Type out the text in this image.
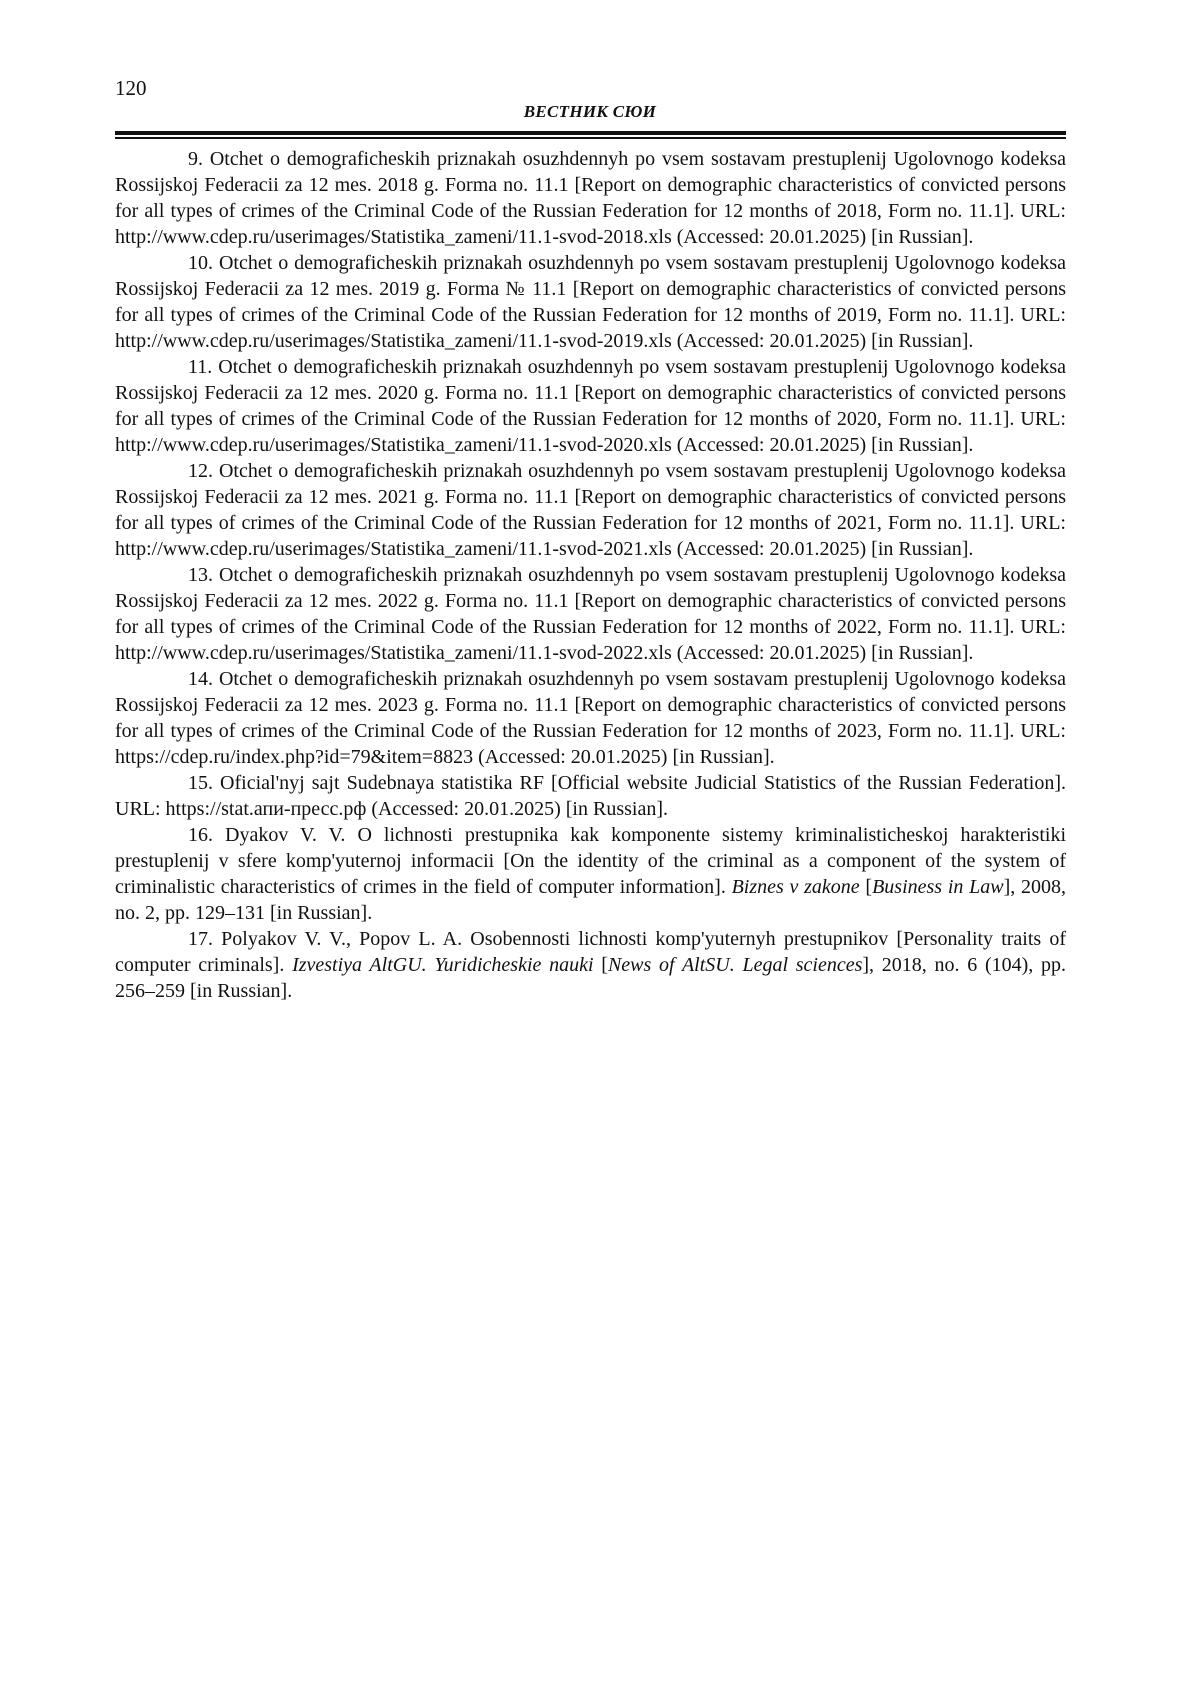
120
ВЕСТНИК СЮИ

9. Otchet o demograficheskih priznakah osuzhdennyh po vsem sostavam prestuplenij Ugolovnogo kodeksa Rossijskoj Federacii za 12 mes. 2018 g. Forma no. 11.1 [Report on demographic characteristics of convicted persons for all types of crimes of the Criminal Code of the Russian Federation for 12 months of 2018, Form no. 11.1]. URL: http://www.cdep.ru/userimages/Statistika_zameni/11.1-svod-2018.xls (Accessed: 20.01.2025) [in Russian].

10. Otchet o demograficheskih priznakah osuzhdennyh po vsem sostavam prestuplenij Ugolovnogo kodeksa Rossijskoj Federacii za 12 mes. 2019 g. Forma № 11.1 [Report on demographic characteristics of convicted persons for all types of crimes of the Criminal Code of the Russian Federation for 12 months of 2019, Form no. 11.1]. URL: http://www.cdep.ru/userimages/Statistika_zameni/11.1-svod-2019.xls (Accessed: 20.01.2025) [in Russian].

11. Otchet o demograficheskih priznakah osuzhdennyh po vsem sostavam prestuplenij Ugolovnogo kodeksa Rossijskoj Federacii za 12 mes. 2020 g. Forma no. 11.1 [Report on demographic characteristics of convicted persons for all types of crimes of the Criminal Code of the Russian Federation for 12 months of 2020, Form no. 11.1]. URL: http://www.cdep.ru/userimages/Statistika_zameni/11.1-svod-2020.xls (Accessed: 20.01.2025) [in Russian].

12. Otchet o demograficheskih priznakah osuzhdennyh po vsem sostavam prestuplenij Ugolovnogo kodeksa Rossijskoj Federacii za 12 mes. 2021 g. Forma no. 11.1 [Report on demographic characteristics of convicted persons for all types of crimes of the Criminal Code of the Russian Federation for 12 months of 2021, Form no. 11.1]. URL: http://www.cdep.ru/userimages/Statistika_zameni/11.1-svod-2021.xls (Accessed: 20.01.2025) [in Russian].

13. Otchet o demograficheskih priznakah osuzhdennyh po vsem sostavam prestuplenij Ugolovnogo kodeksa Rossijskoj Federacii za 12 mes. 2022 g. Forma no. 11.1 [Report on demographic characteristics of convicted persons for all types of crimes of the Criminal Code of the Russian Federation for 12 months of 2022, Form no. 11.1]. URL: http://www.cdep.ru/userimages/Statistika_zameni/11.1-svod-2022.xls (Accessed: 20.01.2025) [in Russian].

14. Otchet o demograficheskih priznakah osuzhdennyh po vsem sostavam prestuplenij Ugolovnogo kodeksa Rossijskoj Federacii za 12 mes. 2023 g. Forma no. 11.1 [Report on demographic characteristics of convicted persons for all types of crimes of the Criminal Code of the Russian Federation for 12 months of 2023, Form no. 11.1]. URL: https://cdep.ru/index.php?id=79&item=8823 (Accessed: 20.01.2025) [in Russian].

15. Oficial'nyj sajt Sudebnaya statistika RF [Official website Judicial Statistics of the Russian Federation]. URL: https://stat.апи-пресс.рф (Accessed: 20.01.2025) [in Russian].

16. Dyakov V. V. O lichnosti prestupnika kak komponente sistemy kriminalisticheskoj harakteristiki prestuplenij v sfere komp'yuternoj informacii [On the identity of the criminal as a component of the system of criminalistic characteristics of crimes in the field of computer information]. Biznes v zakone [Business in Law], 2008, no. 2, pp. 129–131 [in Russian].

17. Polyakov V. V., Popov L. A. Osobennosti lichnosti komp'yuternyh prestupnikov [Personality traits of computer criminals]. Izvestiya AltGU. Yuridicheskie nauki [News of AltSU. Legal sciences], 2018, no. 6 (104), pp. 256–259 [in Russian].
